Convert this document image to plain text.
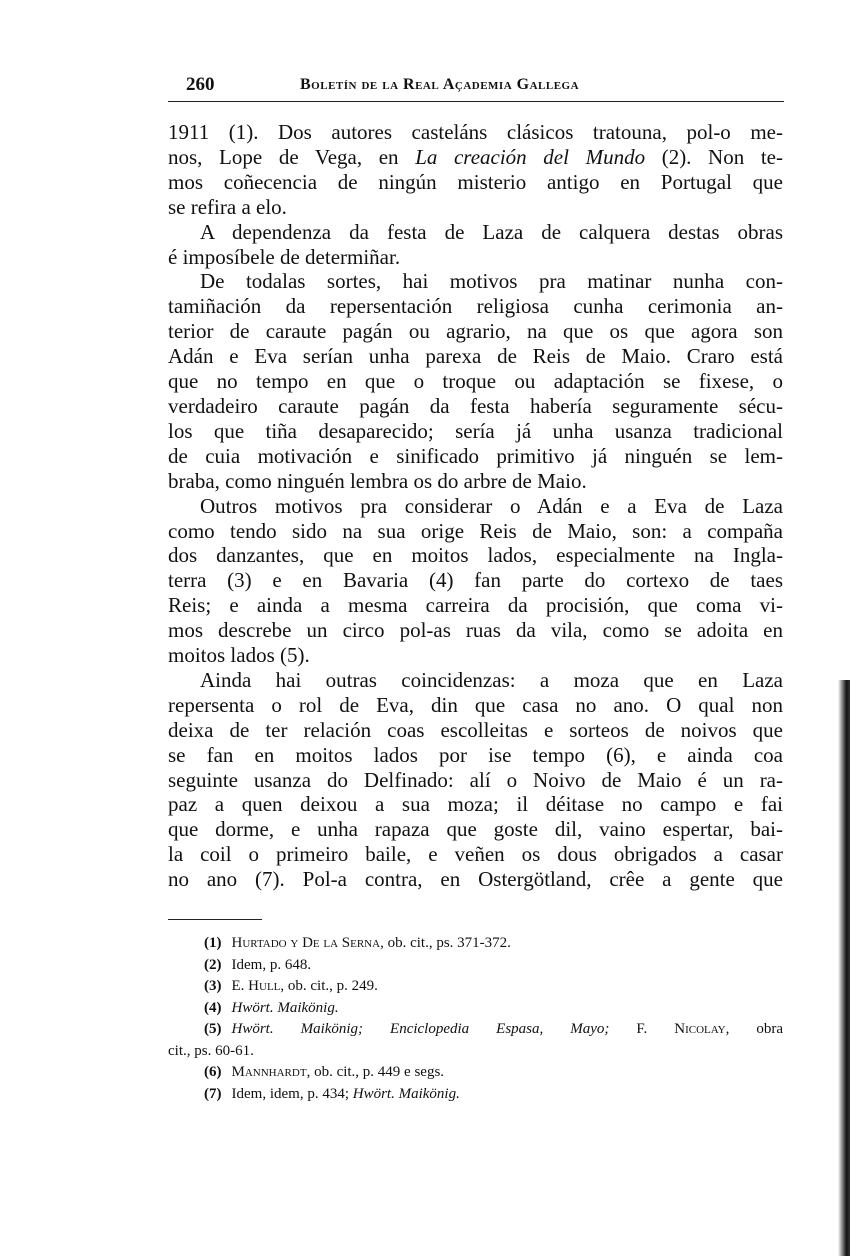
260	Boletín de la Real Açademia Gallega
1911 (1). Dos autores casteláns clásicos tratouna, pol-o me-
nos, Lope de Vega, en La creación del Mundo (2). Non te-
mos coñecencia de ningún misterio antigo en Portugal que
se refira a elo.
A dependenza da festa de Laza de calquera destas obras
é imposíbele de determiñar.
De todalas sortes, hai motivos pra matinar nunha con-
tamiñación da repersentación religiosa cunha cerimonia an-
terior de caraute pagán ou agrario, na que os que agora son
Adán e Eva serían unha parexa de Reis de Maio. Craro está
que no tempo en que o troque ou adaptación se fixese, o
verdadeiro caraute pagán da festa habería seguramente sécu-
los que tiña desaparecido; sería já unha usanza tradicional
de cuia motivación e sinificado primitivo já ninguén se lem-
braba, como ninguén lembra os do arbre de Maio.
Outros motivos pra considerar o Adán e a Eva de Laza
como tendo sido na sua orige Reis de Maio, son: a compaña
dos danzantes, que en moitos lados, especialmente na Ingla-
terra (3) e en Bavaria (4) fan parte do cortexo de taes
Reis; e ainda a mesma carreira da procisión, que coma vi-
mos descrebe un circo pol-as ruas da vila, como se adoita en
moitos lados (5).
Ainda hai outras coincidenzas: a moza que en Laza
repersenta o rol de Eva, din que casa no ano. O qual non
deixa de ter relación coas escolleitas e sorteos de noivos que
se fan en moitos lados por ise tempo (6), e ainda coa
seguinte usanza do Delfinado: alí o Noivo de Maio é un ra-
paz a quen deixou a sua moza; il déitase no campo e fai
que dorme, e unha rapaza que goste dil, vaino espertar, bai-
la coil o primeiro baile, e veñen os dous obrigados a casar
no ano (7). Pol-a contra, en Ostergötland, crêe a gente que
(1) Hurtado y De la Serna, ob. cit., ps. 371-372.
(2) Idem, p. 648.
(3) E. Hull, ob. cit., p. 249.
(4) Hwört. Maikönig.
(5) Hwört. Maikönig; Enciclopedia Espasa, Mayo; F. Nicolay, obra
cit., ps. 60-61.
(6) Mannhardt, ob. cit., p. 449 e segs.
(7) Idem, idem, p. 434; Hwört. Maikönig.
